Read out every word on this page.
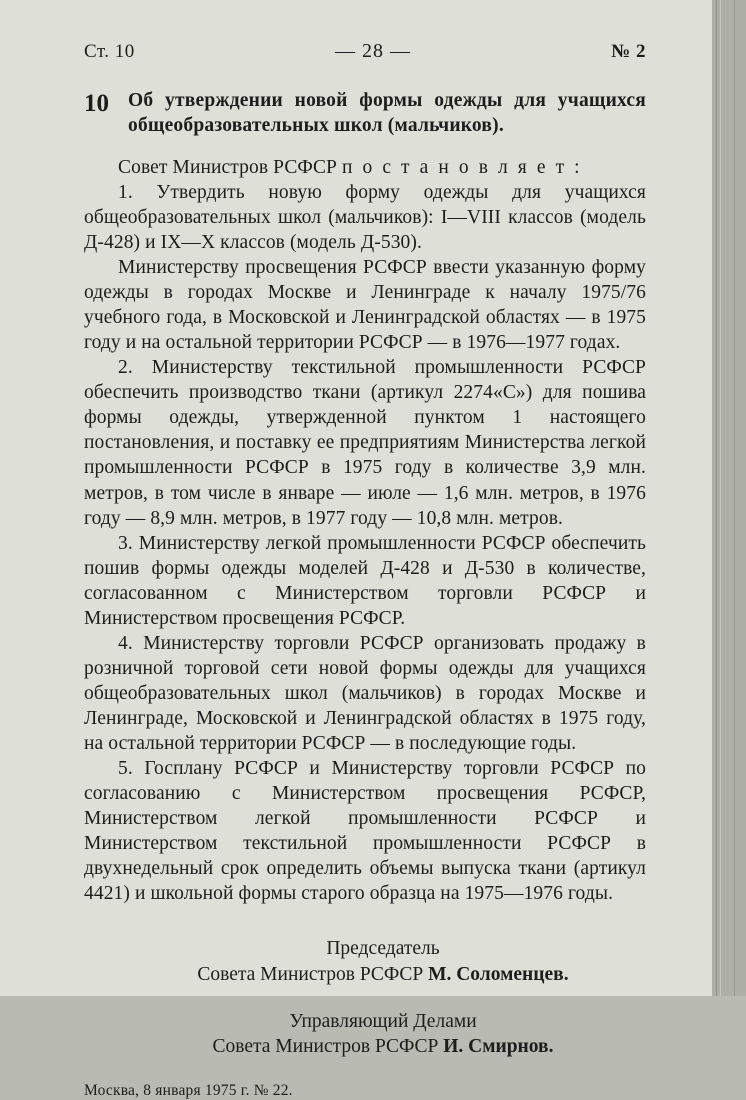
Ст. 10	— 28 —	№ 2
10 Об утверждении новой формы одежды для учащихся общеобразовательных школ (мальчиков).

Совет Министров РСФСР п о с т а н о в л я е т :

1. Утвердить новую форму одежды для учащихся общеобразовательных школ (мальчиков): I—VIII классов (модель Д-428) и IX—X классов (модель Д-530).

Министерству просвещения РСФСР ввести указанную форму одежды в городах Москве и Ленинграде к началу 1975/76 учебного года, в Московской и Ленинградской областях — в 1975 году и на остальной территории РСФСР — в 1976—1977 годах.

2. Министерству текстильной промышленности РСФСР обеспечить производство ткани (артикул 2274«С») для пошива формы одежды, утвержденной пунктом 1 настоящего постановления, и поставку ее предприятиям Министерства легкой промышленности РСФСР в 1975 году в количестве 3,9 млн. метров, в том числе в январе — июле — 1,6 млн. метров, в 1976 году — 8,9 млн. метров, в 1977 году — 10,8 млн. метров.

3. Министерству легкой промышленности РСФСР обеспечить пошив формы одежды моделей Д-428 и Д-530 в количестве, согласованном с Министерством торговли РСФСР и Министерством просвещения РСФСР.

4. Министерству торговли РСФСР организовать продажу в розничной торговой сети новой формы одежды для учащихся общеобразовательных школ (мальчиков) в городах Москве и Ленинграде, Московской и Ленинградской областях в 1975 году, на остальной территории РСФСР — в последующие годы.

5. Госплану РСФСР и Министерству торговли РСФСР по согласованию с Министерством просвещения РСФСР, Министерством легкой промышленности РСФСР и Министерством текстильной промышленности РСФСР в двухнедельный срок определить объемы выпуска ткани (артикул 4421) и школьной формы старого образца на 1975—1976 годы.

Председатель
Совета Министров РСФСР М. Соломенцев.
Управляющий Делами
Совета Министров РСФСР И. Смирнов.
Москва, 8 января 1975 г. № 22.
